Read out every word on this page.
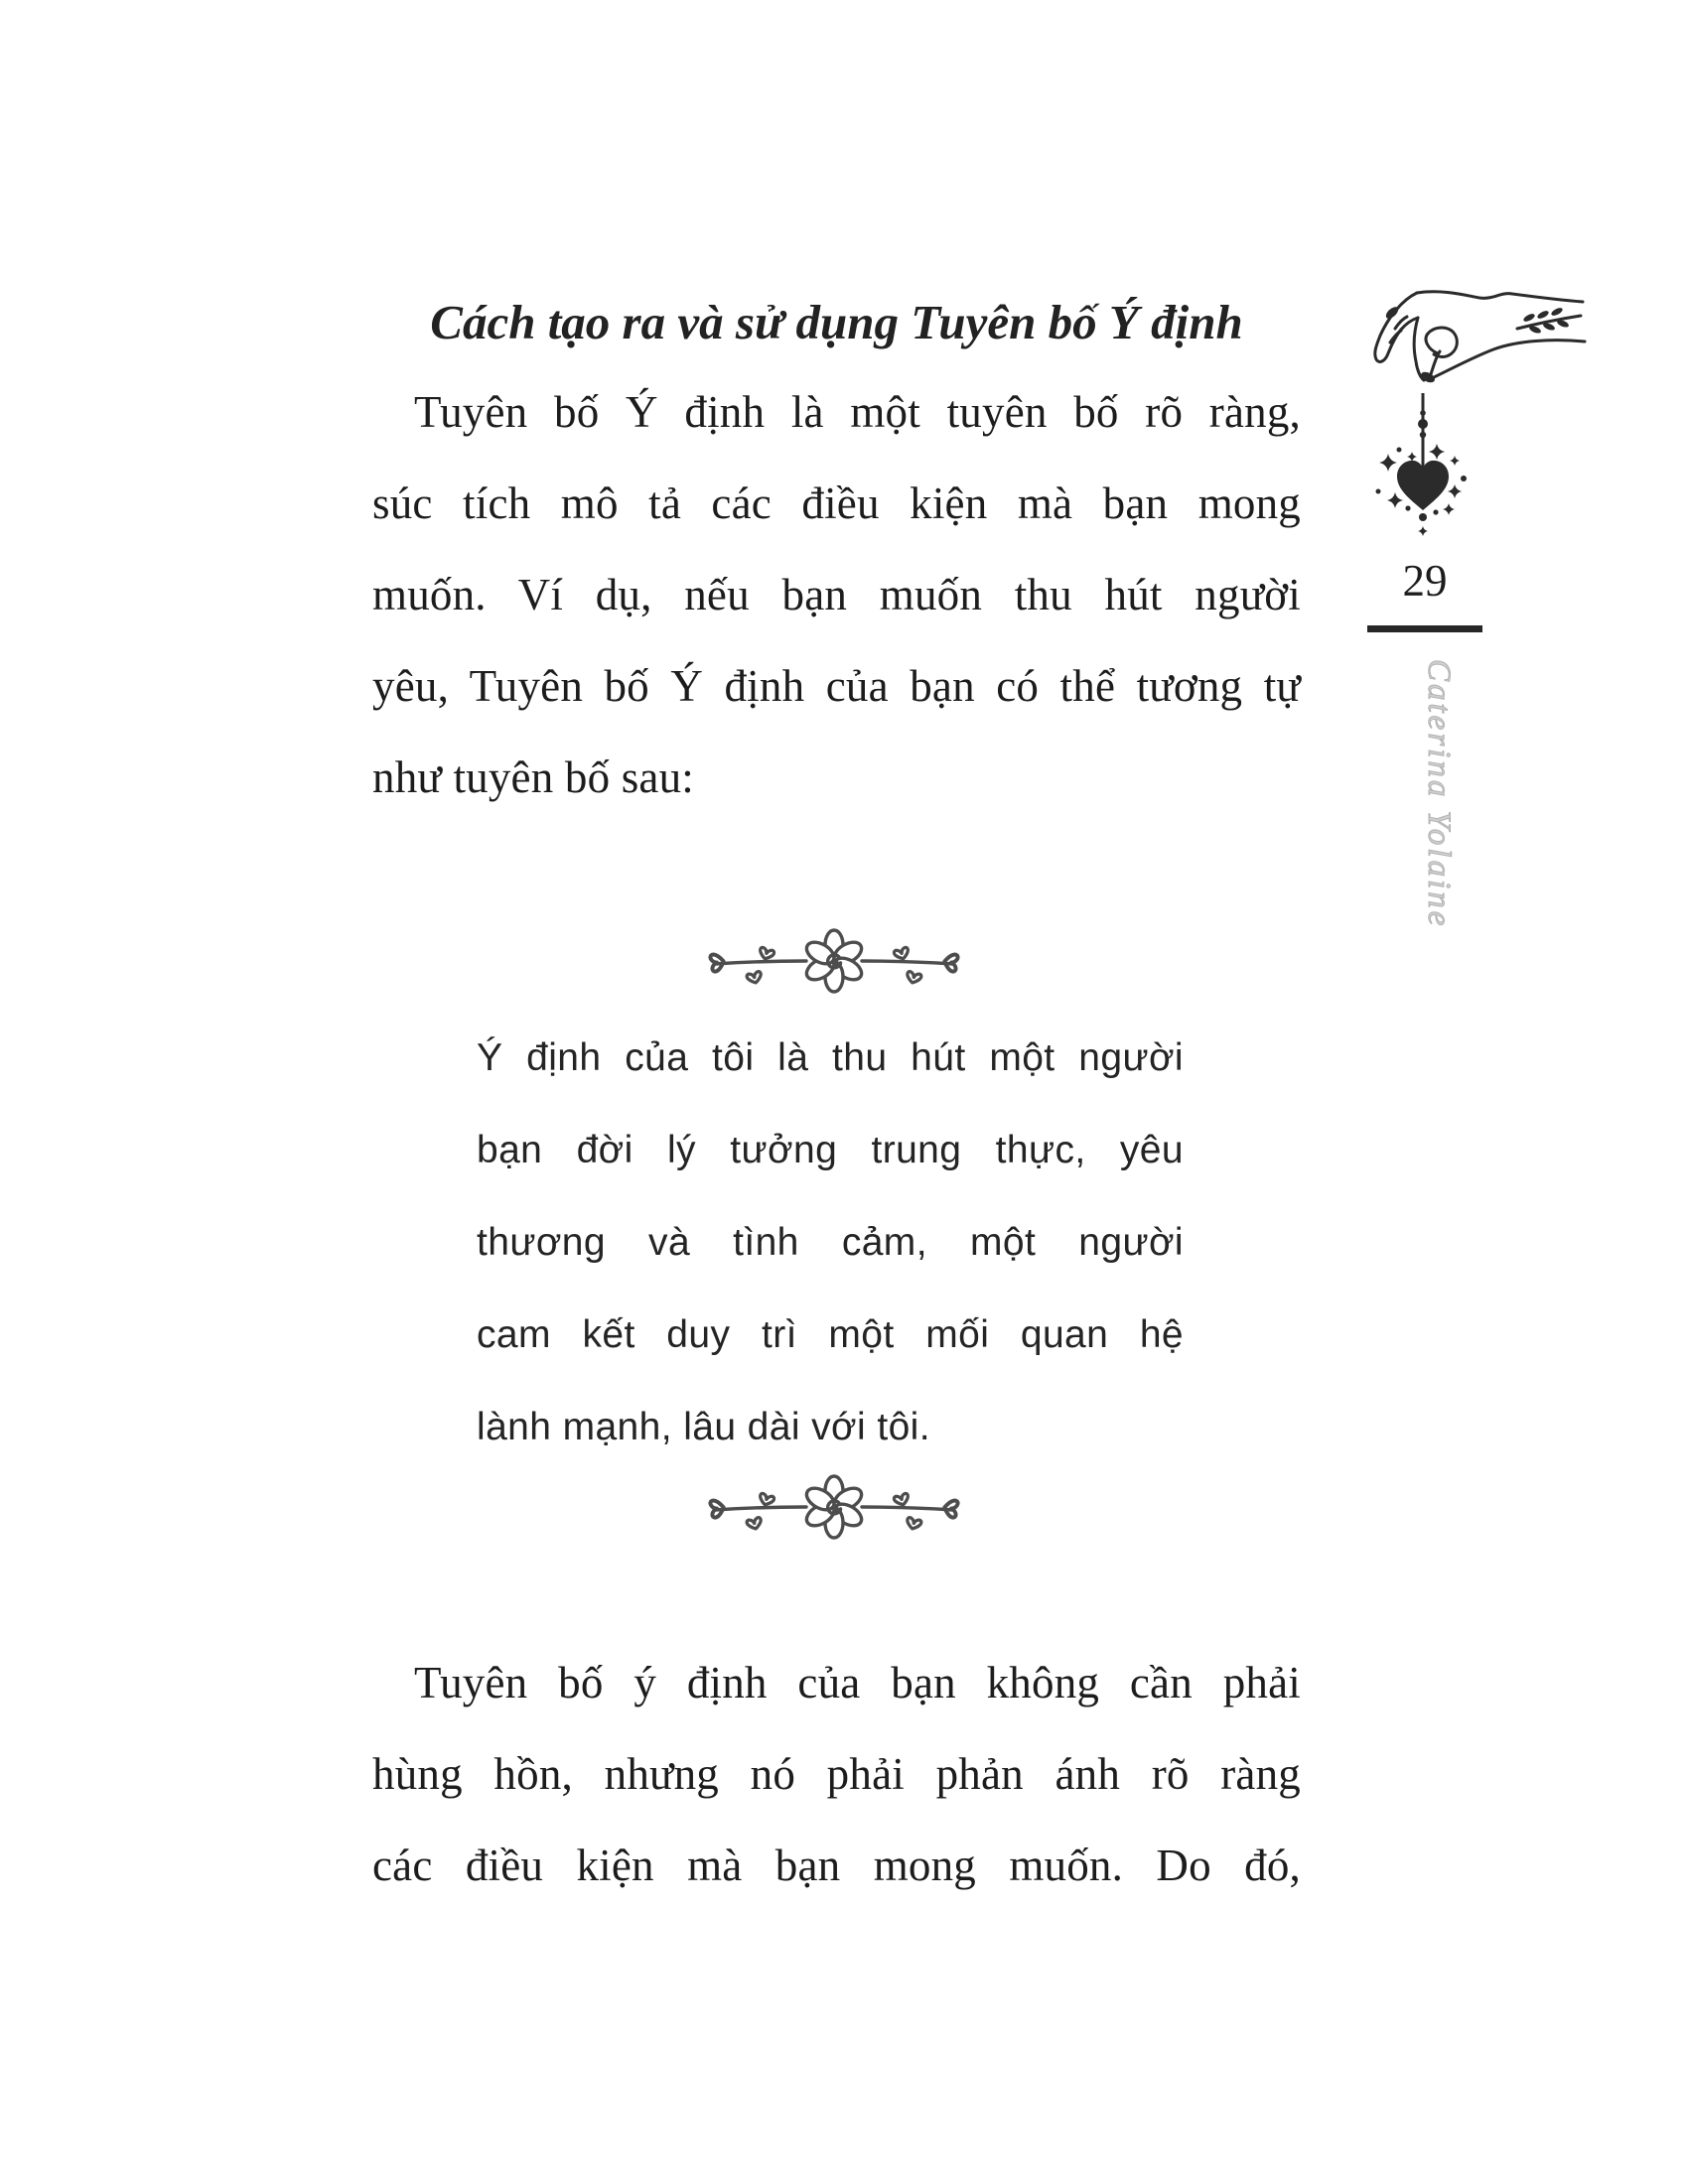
Cách tạo ra và sử dụng Tuyên bố Ý định
Tuyên bố Ý định là một tuyên bố rõ ràng,
súc tích mô tả các điều kiện mà bạn mong
muốn. Ví dụ, nếu bạn muốn thu hút người
yêu, Tuyên bố Ý định của bạn có thể tương tự
như tuyên bố sau:
Ý định của tôi là thu hút một người
bạn đời lý tưởng trung thực, yêu
thương và tình cảm, một người
cam kết duy trì một mối quan hệ
lành mạnh, lâu dài với tôi.
Tuyên bố ý định của bạn không cần phải
hùng hồn, nhưng nó phải phản ánh rõ ràng
các điều kiện mà bạn mong muốn. Do đó,
29
Caterina Yolaine
